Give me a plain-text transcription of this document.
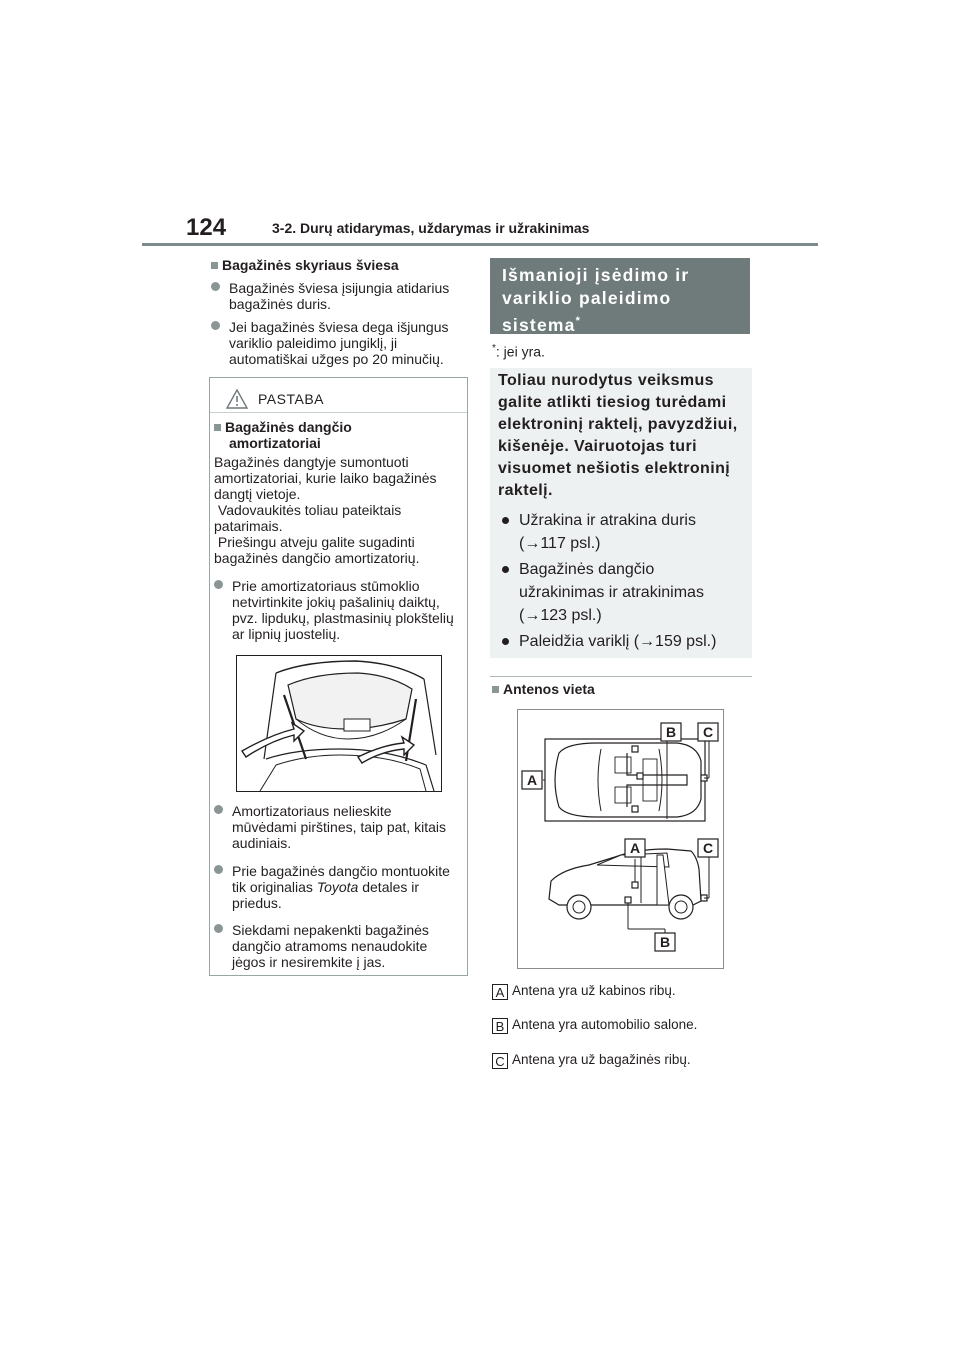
124	3-2. Durų atidarymas, uždarymas ir užrakinimas
Bagažinės skyriaus šviesa
Bagažinės šviesa įsijungia atidarius bagažinės duris.
Jei bagažinės šviesa dega išjungus variklio paleidimo jungiklį, ji automatiškai užges po 20 minučių.
PASTABA
Bagažinės dangčio
amortizatoriai
Bagažinės dangtyje sumontuoti
amortizatoriai, kurie laiko bagažinės
dangtį vietoje.
Vadovaukitės toliau pateiktais
patarimais.
Priešingu atveju galite sugadinti
bagažinės dangčio amortizatorių.
Prie amortizatoriaus stūmoklio
netvirtinkite jokių pašalinių daiktų,
pvz. lipdukų, plastmasinių plokštelių
ar lipnių juostelių.
Amortizatoriaus nelieskite
mūvėdami pirštines, taip pat, kitais
audiniais.
Prie bagažinės dangčio montuokite
tik originalias Toyota detales ir
priedus.
Siekdami nepakenkti bagažinės
dangčio atramoms nenaudokite
jėgos ir nesiremkite į jas.
Išmanioji įsėdimo ir
variklio paleidimo
sistema*
*: jei yra.
Toliau nurodytus veiksmus
galite atlikti tiesiog turėdami
elektroninį raktelį, pavyzdžiui,
kišenėje. Vairuotojas turi
visuomet nešiotis elektroninį
raktelį.
Užrakina ir atrakina duris
(→117 psl.)
Bagažinės dangčio
užrakinimas ir atrakinimas
(→123 psl.)
Paleidžia variklį (→159 psl.)
Antenos vieta
B C
A
A	C
B
A Antena yra už kabinos ribų.
B Antena yra automobilio salone.
C Antena yra už bagažinės ribų.
